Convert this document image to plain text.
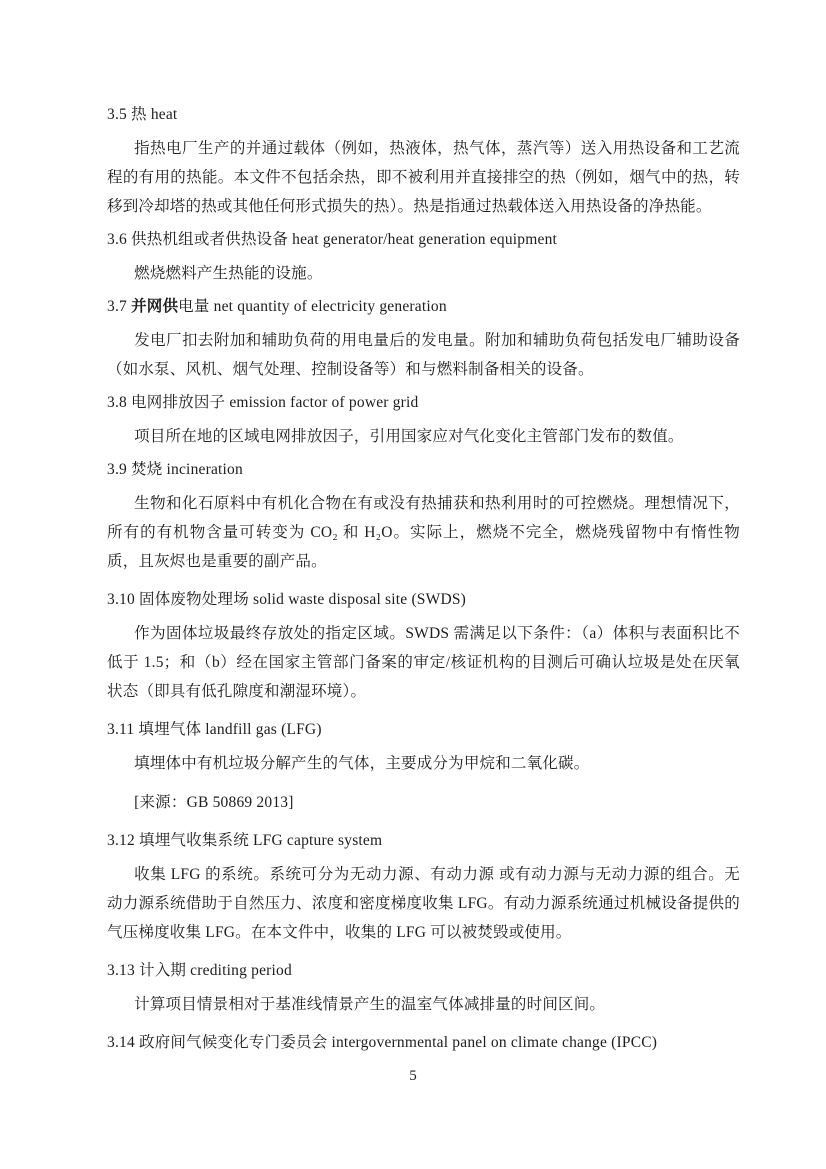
3.5 热 heat

指热电厂生产的并通过载体（例如，热液体，热气体，蒸汽等）送入用热设备和工艺流程的有用的热能。本文件不包括余热，即不被利用并直接排空的热（例如，烟气中的热，转移到冷却塔的热或其他任何形式损失的热）。热是指通过热载体送入用热设备的净热能。

3.6 供热机组或者供热设备 heat generator/heat generation equipment

燃烧燃料产生热能的设施。

3.7 并网供电量 net quantity of electricity generation

发电厂扣去附加和辅助负荷的用电量后的发电量。附加和辅助负荷包括发电厂辅助设备（如水泵、风机、烟气处理、控制设备等）和与燃料制备相关的设备。

3.8 电网排放因子 emission factor of power grid

项目所在地的区域电网排放因子，引用国家应对气化变化主管部门发布的数值。

3.9 焚烧 incineration

生物和化石原料中有机化合物在有或没有热捕获和热利用时的可控燃烧。理想情况下，所有的有机物含量可转变为 CO₂ 和 H₂O。实际上，燃烧不完全，燃烧残留物中有惰性物质，且灰烬也是重要的副产品。

3.10 固体废物处理场 solid waste disposal site (SWDS)

作为固体垃圾最终存放处的指定区域。SWDS 需满足以下条件：（a）体积与表面积比不低于 1.5；和（b）经在国家主管部门备案的审定/核证机构的目测后可确认垃圾是处在厌氧状态（即具有低孔隙度和潮湿环境）。

3.11 填埋气体 landfill gas (LFG)

填埋体中有机垃圾分解产生的气体，主要成分为甲烷和二氧化碳。

[来源：GB 50869 2013]

3.12 填埋气收集系统 LFG capture system

收集 LFG 的系统。系统可分为无动力源、有动力源 或有动力源与无动力源的组合。无动力源系统借助于自然压力、浓度和密度梯度收集 LFG。有动力源系统通过机械设备提供的气压梯度收集 LFG。在本文件中，收集的 LFG 可以被焚毁或使用。

3.13 计入期 crediting period

计算项目情景相对于基准线情景产生的温室气体减排量的时间区间。

3.14 政府间气候变化专门委员会 intergovernmental panel on climate change (IPCC)
5
